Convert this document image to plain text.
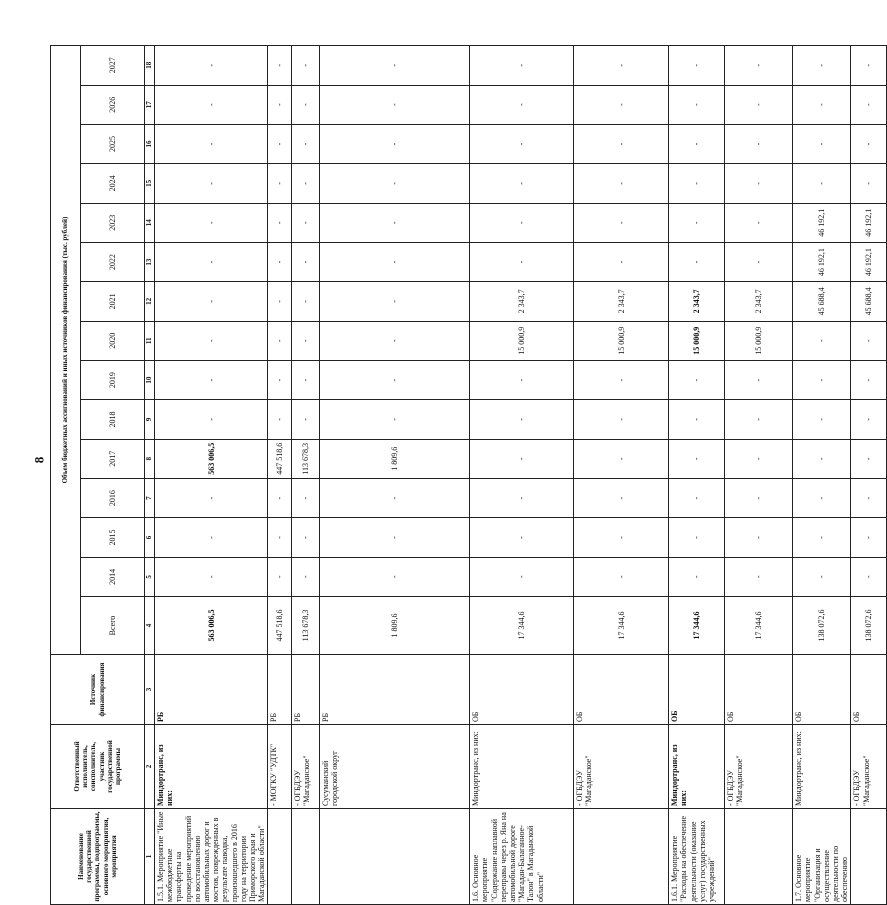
8
Наименование государственной программы, подпрограммы, основного мероприятия, мероприятия	Ответственный исполнитель, соисполнитель, участник государственной программы	Источник финансирования	Объем бюджетных ассигнований и иных источников финансирования (тыс. рублей)														
			Всего	2014	2015	2016	2017	2018	2019	2020	2021	2022	2023	2024	2025	2026	2027
1	2	3	4	5	6	7	8	9	10	11	12	13	14	15	16	17	18
1.5.1. Мероприятие "Иные межбюджетные трансферты на проведение мероприятий по восстановлению автомобильных дорог и мостов, поврежденных в результате паводка, произошедшего в 2016 году на территории Приморского края и Магаданской области"	Миндортранс, из них:	РБ	563 006,5	-	-	-	563 006,5	-	-	-	-	-	-	-	-	-	-
	- МОГКУ "УДТК"	РБ	447 518,6	-	-	-	447 518,6	-	-	-	-	-	-	-	-	-	-
	- ОГБДЭУ "Магаданское"	РБ	113 678,3	-	-	-	113 678,3	-	-	-	-	-	-	-	-	-	-
	Сусуманский городской округ	РБ	1 809,6	-	-	-	1 809,6	-	-	-	-	-	-	-	-	-	-
1.6. Основное мероприятие "Содержание наплавной переправы через р. Яна на автомобильной дороге "Магадан-Балаганное-Талон" в Магаданской области"	Миндортранс, из них:	ОБ	17 344,6	-	-	-	-	-	-	15 000,9	2 343,7	-	-	-	-	-	-
	- ОГБДЭУ "Магаданское"	ОБ	17 344,6	-	-	-	-	-	-	15 000,9	2 343,7	-	-	-	-	-	-
1.6.1. Мероприятие "Расходы на обеспечение деятельности (оказание услуг) государственных учреждений"	Миндортранс, из них:	ОБ	17 344,6	-	-	-	-	-	-	15 000,9	2 343,7	-	-	-	-	-	-
	- ОГБДЭУ "Магаданское"	ОБ	17 344,6	-	-	-	-	-	-	15 000,9	2 343,7	-	-	-	-	-	-
1.7. Основное мероприятие "Организация и осуществление деятельности по обеспечению	Миндортранс, из них:	ОБ	138 072,6	-	-	-	-	-	-	-	45 688,4	46 192,1	46 192,1	-	-	-	-
	- ОГБДЭУ "Магаданское"	ОБ	138 072,6	-	-	-	-	-	-	-	45 688,4	46 192,1	46 192,1	-	-	-	-
